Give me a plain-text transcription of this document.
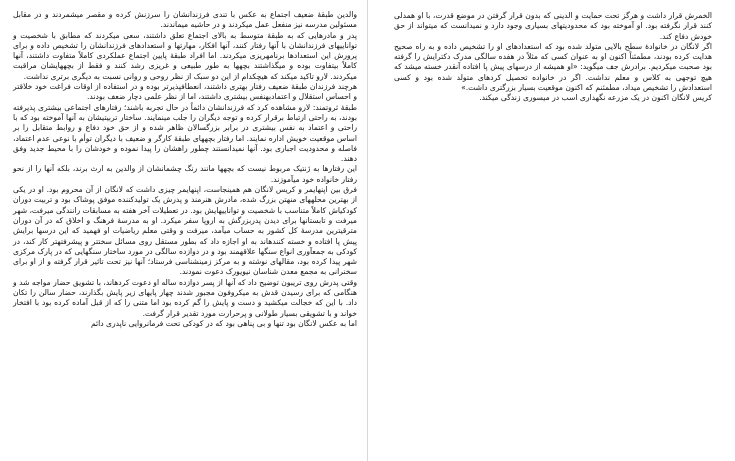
والدین طبقهٔ ضعیف اجتماع به عکس با تندی فرزندانشان را سرزنش کرده و مقصر میشمردند و در مقابل مسئولین مدرسه نیز منفعل عمل میکردند و در حاشیه میماندند.

پدر و مادرهایی که به طبقهٔ متوسط به بالای اجتماع تعلق داشتند، سعی میکردند که مطابق با شخصیت و تواناییهای فرزندانشان با آنها رفتار کنند، آنها افکار، مهارتها و استعدادهای فرزندانشان را تشخیص داده و برای پرورش این استعدادها برنامهریزی میکردند. اما افراد طبقهٔ پایین اجتماع عملکردی کاملاً متفاوت داشتند، آنها کاملاً بیتفاوت بوده و میگذاشتند بچهها به طور طبیعی و غریزی رشد کنند و فقط از بچههایشان مراقبت میکردند. لارو تاکید میکند که هیچکدام از این دو سبک از نظر روحی و روانی نسبت به دیگری برتری نداشت.

هرچند فرزندان طبقهٔ ضعیف رفتار بهتری داشتند، انعطافپذیرتر بوده و در استفاده از اوقات فراغت خود خلاقتر و احساس استقلال و اعتمادبهنفس بیشتری داشتند، اما از نظر علمی دچار ضعف بودند.

طبقهٔ ثروتمند: لارو مشاهده کرد که فرزندانشان دائماً در حال تجربه باشند؛ رفتارهای اجتماعی بیشتری پذیرفته بودند، به راحتی ارتباط برقرار کرده و توجه دیگران را جلب مینمایند. ساختار تربیتیشان به آنها آموخته بود که با راحتی و اعتماد به نفس بیشتری در برابر بزرگسالان ظاهر شده و از حق خود دفاع و روابط متقابل را بر اساس موقعیت خویش اداره نمایند. اما رفتار بچههای طبقهٔ کارگر و ضعیف با دیگران توأم با نوعی عدم اعتماد، فاصله و محدودیت اجباری بود. آنها نمیدانستند چطور راهشان را پیدا نموده و خودشان را با محیط جدید وفق دهند.

این رفتارها به ژنتیک مربوط نیست که بچهها مانند رنگ چشمانشان از والدین به ارث برند، بلکه آنها را از نحو رفتار خانواده خود میآموزند.

فرق بین اپنهایمر و کریس لانگان هم همینجاست، اپنهایمر چیزی داشت که لانگان از آن محروم بود. او در یکی از بهترین محلههای منهتن بزرگ شده، مادرش هنرمند و پدرش یک تولیدکننده موفق پوشاک بود و تربیت دوران کودکیاش کاملاً متناسب با شخصیت و تواناییهایش بود. در تعطیلات آخر هفته به مسابقات رانندگی میرفت، شهر میرفت و تابستانها برای دیدن پدربزرگش به اروپا سفر میکرد. او به مدرسهٔ فرهنگ و اخلاق که در آن دوران مترقیترین مدرسهٔ کل کشور به حساب میآمد، میرفت و وقتی معلم ریاضیات او فهمید که این درسها برایش پیش پا افتاده و خسته کنندهاند به او اجازه داد که بطور مستقل روی مسائل سختتر و پیشرفتهتر کار کند، در کودکی به جمعآوری انواع سنگها علاقهمند بود و در دوازده سالگی در مورد ساختار سنگهایی که در پارک مرکزی شهر پیدا کرده بود، مقالهای نوشته و به مرکز زمینشناسی فرستاد؛ آنها نیز تحت تاثیر قرار گرفته و از او برای سخنرانی به مجمع معدن شناسان نیویورک دعوت نمودند.

وقتی پدرش روی تریبون توضیح داد که آنها از پسر دوازده ساله او دعوت کردهاند، با تشویق حضار مواجه شد و هنگامی که برای رسیدن قدش به میکروفون مجبور شدند چهار پایهای زیر پایش بگذارند، حضار سالن را تکان داد. با این که خجالت میکشید و دست و پایش را گم کرده بود اما متنی را که از قبل آماده کرده بود با افتخار خواند و با تشویقی بسیار طولانی و پرحرارت مورد تقدیر قرار گرفت.

اما به عکس لانگان بود تنها و بی پناهی بود که در کودکی تحت فرمانروایی ناپدری دائم

الخمرش قرار داشت و هرگز تحت حمایت و الدینی که بدون قرار گرفتن در موضع قدرت، با او همدلی کنند قرار نگرفته بود. او آموخته بود که محدودیتهای بسیاری وجود دارد و نمیدانست که میتواند از حق خودش دفاع کند.

اگر لانگان در خانوادهٔ سطح بالایی متولد شده بود که استعدادهای او را تشخیص داده و به راه صحیح هدایت کرده بودند، مطمئناً اکنون او به عنوان کسی که مثلاً در هفده سالگی مدرک دکترایش را گرفته بود صحبت میکردیم. برادرش جف میگوید: «او همیشه از درسهای پیش پا افتاده آنقدر خسته میشد که هیچ توجهی به کلاس و معلم نداشت. اگر در خانواده تحصیل کردهای متولد شده بود و کسی استعدادش را تشخیص میداد، مطمئنم که اکنون موقعیت بسیار بزرگتری داشت.»

کریس لانگان اکنون در یک مزرعه نگهداری اسب در میسوری زندگی میکند.
